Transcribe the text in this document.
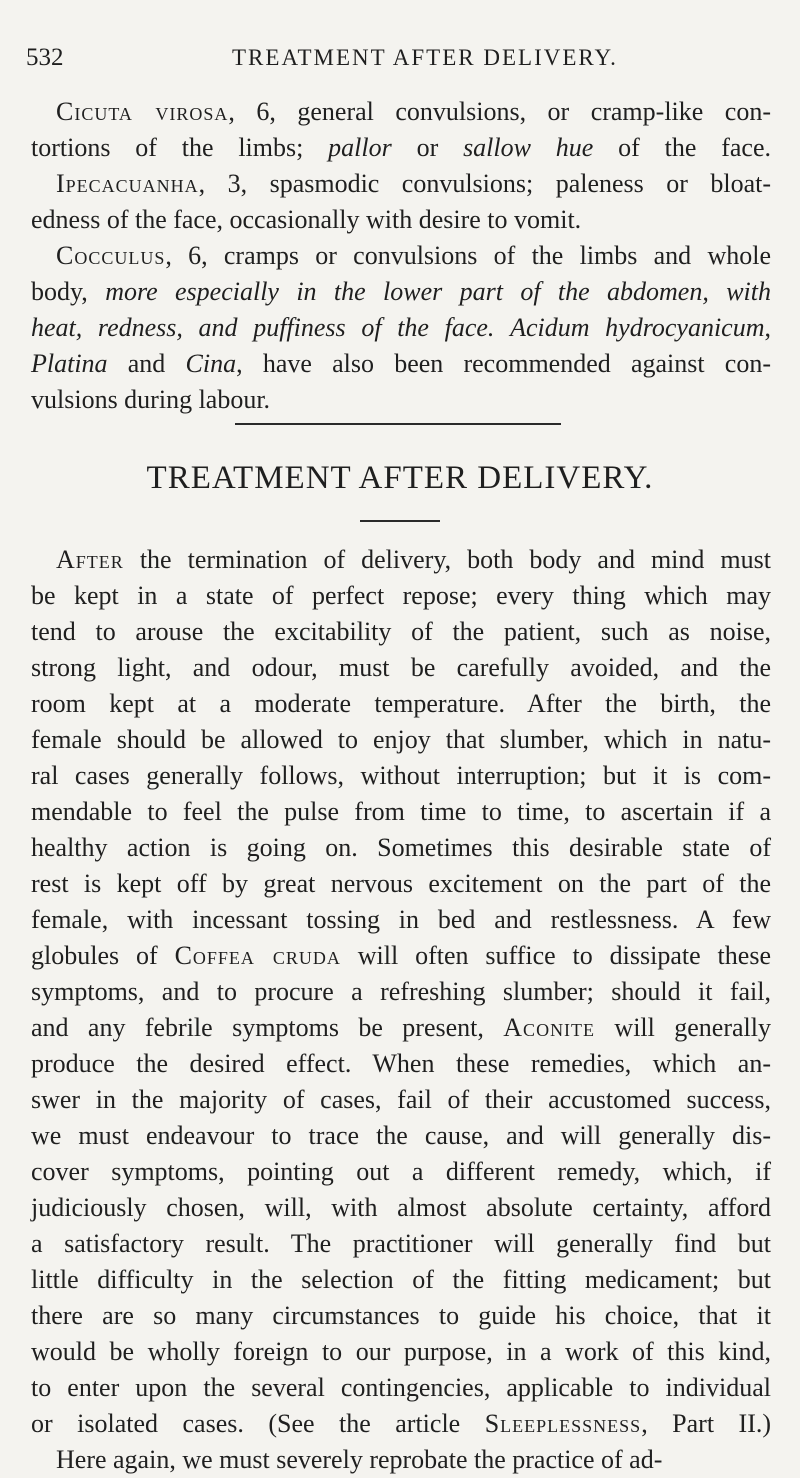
532	TREATMENT AFTER DELIVERY.
Cicuta virosa, 6, general convulsions, or cramp-like con-
tortions of the limbs; pallor or sallow hue of the face.
Ipecacuanha, 3, spasmodic convulsions; paleness or bloat-
edness of the face, occasionally with desire to vomit.
Cocculus, 6, cramps or convulsions of the limbs and whole
body, more especially in the lower part of the abdomen, with
heat, redness, and puffiness of the face. Acidum hydrocyanicum,
Platina and Cina, have also been recommended against con-
vulsions during labour.
TREATMENT AFTER DELIVERY.
After the termination of delivery, both body and mind must
be kept in a state of perfect repose; every thing which may
tend to arouse the excitability of the patient, such as noise,
strong light, and odour, must be carefully avoided, and the
room kept at a moderate temperature. After the birth, the
female should be allowed to enjoy that slumber, which in natu-
ral cases generally follows, without interruption; but it is com-
mendable to feel the pulse from time to time, to ascertain if a
healthy action is going on. Sometimes this desirable state of
rest is kept off by great nervous excitement on the part of the
female, with incessant tossing in bed and restlessness. A few
globules of Coffea cruda will often suffice to dissipate these
symptoms, and to procure a refreshing slumber; should it fail,
and any febrile symptoms be present, Aconite will generally
produce the desired effect. When these remedies, which an-
swer in the majority of cases, fail of their accustomed success,
we must endeavour to trace the cause, and will generally dis-
cover symptoms, pointing out a different remedy, which, if
judiciously chosen, will, with almost absolute certainty, afford
a satisfactory result. The practitioner will generally find but
little difficulty in the selection of the fitting medicament; but
there are so many circumstances to guide his choice, that it
would be wholly foreign to our purpose, in a work of this kind,
to enter upon the several contingencies, applicable to individual
or isolated cases. (See the article Sleeplessness, Part II.)
Here again, we must severely reprobate the practice of ad-
